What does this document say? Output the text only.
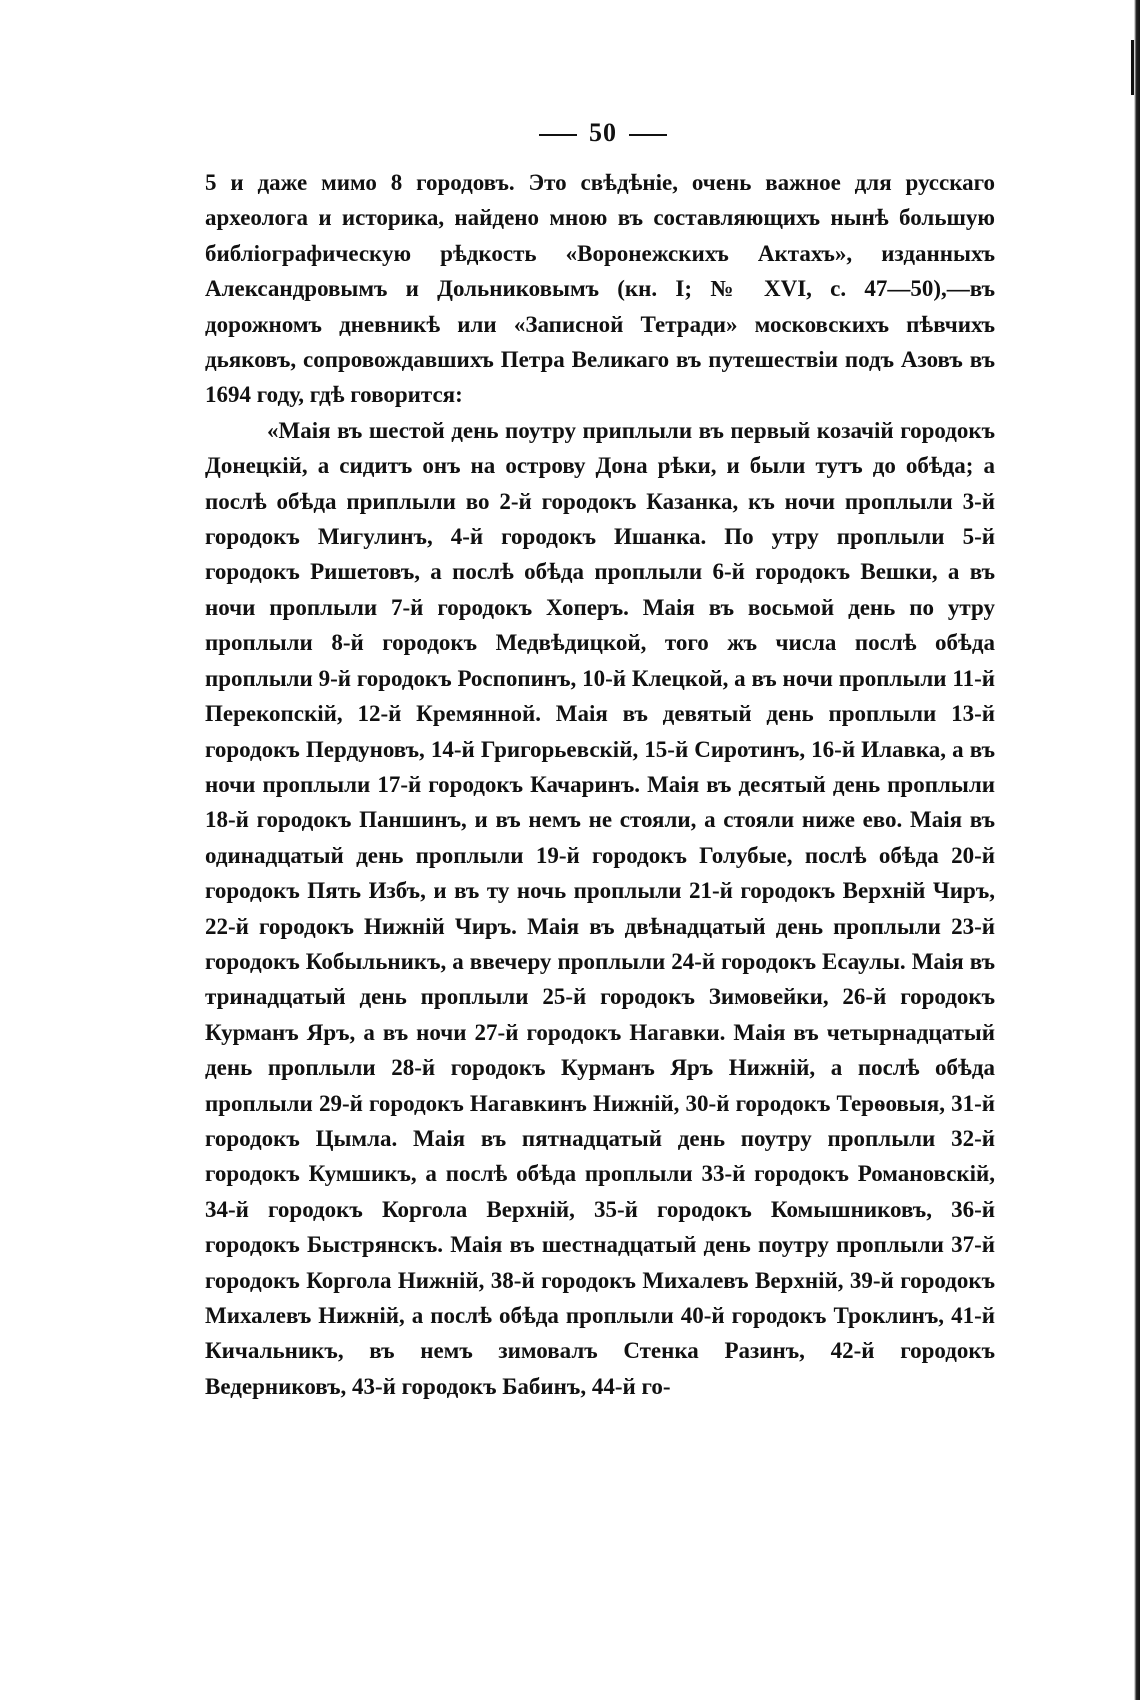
50

5 и даже мимо 8 городовъ. Это свѣдѣніе, очень важное для русскаго археолога и историка, найдено мною въ составляющихъ нынѣ большую библіографическую рѣдкость «Воронежскихъ Актахъ», изданныхъ Александровымъ и Дольниковымъ (кн. I; № XVI, с. 47—50),—въ дорожномъ дневникѣ или «Записной Тетради» московскихъ пѣвчихъ дьяковъ, сопровождавшихъ Петра Великаго въ путешествіи подъ Азовъ въ 1694 году, гдѣ говорится:

«Маія въ шестой день поутру приплыли въ первый козачій городокъ Донецкій, а сидитъ онъ на острову Дона рѣки, и были тутъ до обѣда; а послѣ обѣда приплыли во 2-й городокъ Казанка, къ ночи проплыли 3-й городокъ Мигулинъ, 4-й городокъ Ишанка. По утру проплыли 5-й городокъ Ришетовъ, а послѣ обѣда проплыли 6-й городокъ Вешки, а въ ночи проплыли 7-й городокъ Хоперъ. Маія въ восьмой день по утру проплыли 8-й городокъ Медвѣдицкой, того жъ числа послѣ обѣда проплыли 9-й городокъ Роспопинъ, 10-й Клецкой, а въ ночи проплыли 11-й Перекопскій, 12-й Кремянной. Маія въ девятый день проплыли 13-й городокъ Пердуновъ, 14-й Григорьевскій, 15-й Сиротинъ, 16-й Илавка, а въ ночи проплыли 17-й городокъ Качаринъ. Маія въ десятый день проплыли 18-й городокъ Паншинъ, и въ немъ не стояли, а стояли ниже ево. Маія въ одинадцатый день проплыли 19-й городокъ Голубые, послѣ обѣда 20-й городокъ Пять Избъ, и въ ту ночь проплыли 21-й городокъ Верхній Чиръ, 22-й городокъ Нижній Чиръ. Маія въ двѣнадцатый день проплыли 23-й городокъ Кобыльникъ, а ввечеру проплыли 24-й городокъ Есаулы. Маія въ тринадцатый день проплыли 25-й городокъ Зимовейки, 26-й городокъ Курманъ Яръ, а въ ночи 27-й городокъ Нагавки. Маія въ четырнадцатый день проплыли 28-й городокъ Курманъ Яръ Нижній, а послѣ обѣда проплыли 29-й городокъ Нагавкинъ Нижній, 30-й городокъ Терѳовыя, 31-й городокъ Цымла. Маія въ пятнадцатый день поутру проплыли 32-й городокъ Кумшикъ, а послѣ обѣда проплыли 33-й городокъ Романовскій, 34-й городокъ Коргола Верхній, 35-й городокъ Комышниковъ, 36-й городокъ Быстрянскъ. Маія въ шестнадцатый день поутру проплыли 37-й городокъ Коргола Нижній, 38-й городокъ Михалевъ Верхній, 39-й городокъ Михалевъ Нижній, а послѣ обѣда проплыли 40-й городокъ Троклинъ, 41-й Кичальникъ, въ немъ зимовалъ Стенка Разинъ, 42-й городокъ Ведерниковъ, 43-й городокъ Бабинъ, 44-й го-
